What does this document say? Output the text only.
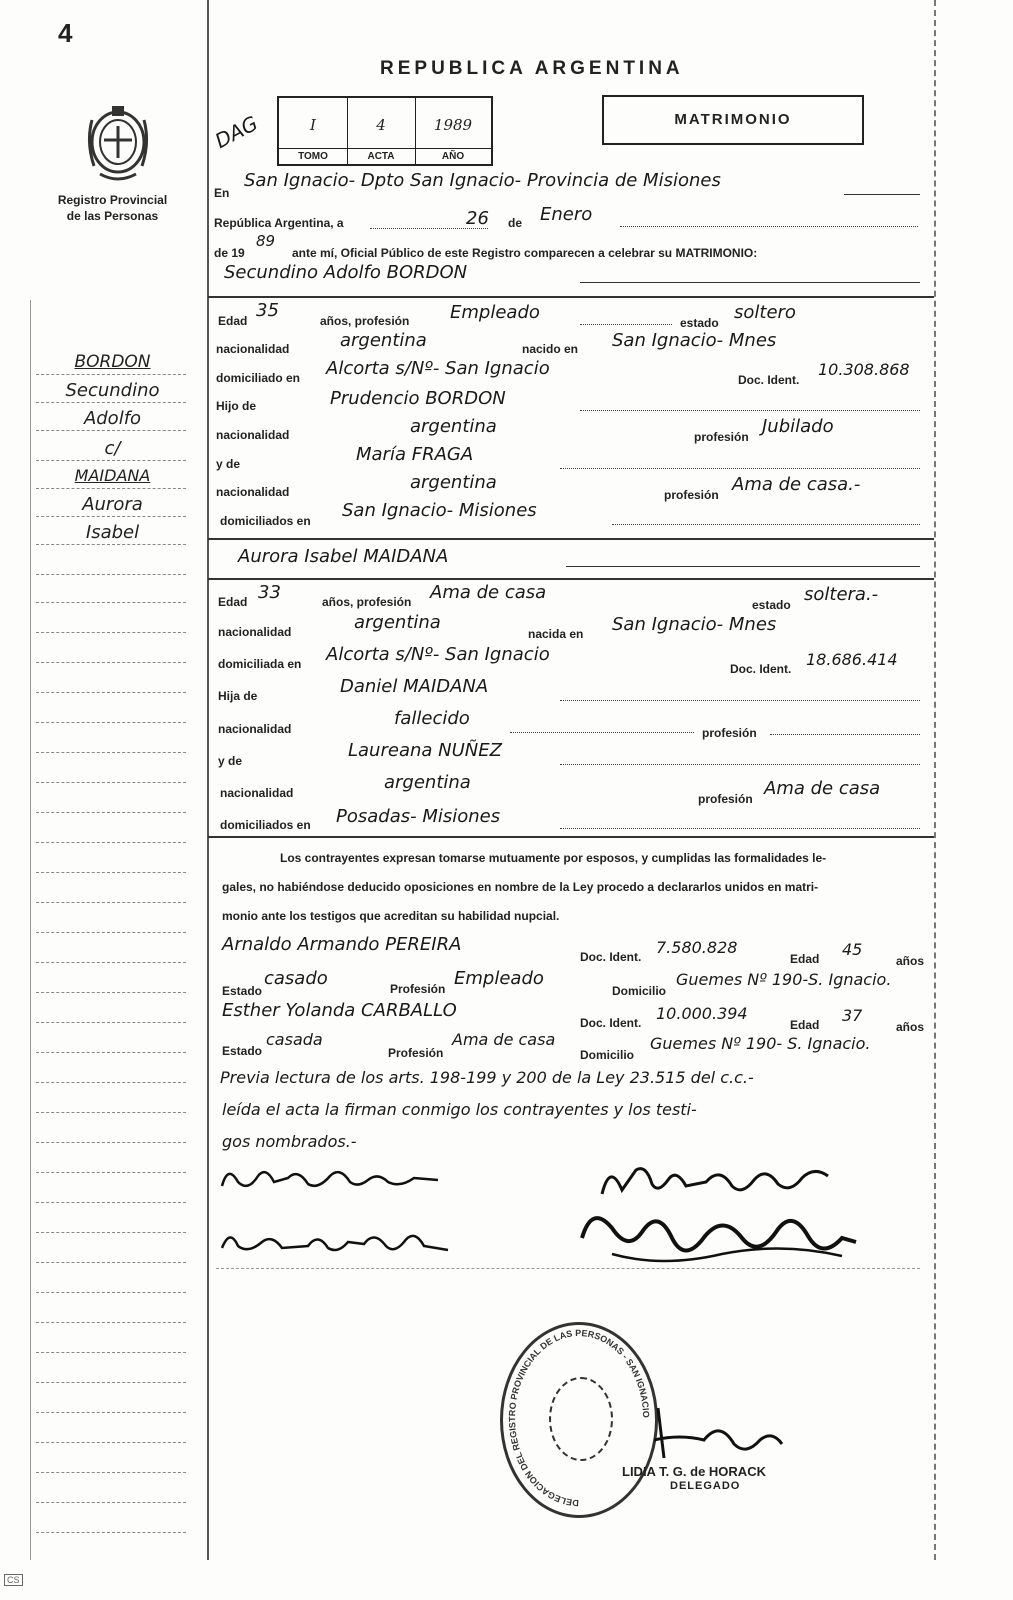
4
Registro Provincial
de las Personas
REPUBLICA ARGENTINA
DAG	I
TOMO
4
ACTA
1989
AÑO
MATRIMONIO
En
San Ignacio- Dpto San Ignacio- Provincia de Misiones
República Argentina, a	26 de Enero
de 19
89
ante mí, Oficial Público de este Registro comparecen a celebrar su MATRIMONIO:
BORDON
Secundino
Adolfo
c/
MAIDANA
Aurora
Isabel
Secundino Adolfo BORDON
Edad 35	años, profesión Empleado	estado soltero
nacionalidad	argentina	nacido en San Ignacio- Mnes
domiciliado en Alcorta s/Nº- San Ignacio
Doc. Ident.
10.308.868
Hijo de	Prudencio BORDON
nacionalidad	argentina	profesión Jubilado
y de	María FRAGA
nacionalidad	argentina
profesión Ama de casa.-
domiciliados en San Ignacio- Misiones
Aurora Isabel MAIDANA
Edad 33	años, profesión Ama de casa
estado soltera.-
nacionalidad	argentina
nacida en San Ignacio- Mnes
domiciliada en Alcorta s/Nº- San Ignacio
Doc. Ident. 18.686.414
Hija de	Daniel MAIDANA
nacionalidad	fallecido
profesión
y de	Laureana NUÑEZ
nacionalidad	argentina
profesión Ama de casa
domiciliados en Posadas- Misiones
Los contrayentes expresan tomarse mutuamente por esposos, y cumplidas las formalidades le-
gales, no habiéndose deducido oposiciones en nombre de la Ley procedo a declararlos unidos en matri-
monio ante los testigos que acreditan su habilidad nupcial.
Arnaldo Armando PEREIRA
Doc. Ident. 7.580.828
Edad 45
años
Estado
casado	Profesión Empleado
Domicilio
Guemes Nº 190-S. Ignacio.
Esther Yolanda CARBALLO
Doc. Ident. 10.000.394
Edad 37
años
Estado
casada
Profesión
Ama de casa
Domicilio
Guemes Nº 190- S. Ignacio.
Previa lectura de los arts. 198-199 y 200 de la Ley 23.515 del c.c.-
leída el acta la firman conmigo los contrayentes y los testi-
gos nombrados.-
DELEGACION DEL REGISTRO PROVINCIAL DE LAS PERSONAS - SAN IGNACIO
LIDIA T. G. de HORACK
DELEGADO
CS
